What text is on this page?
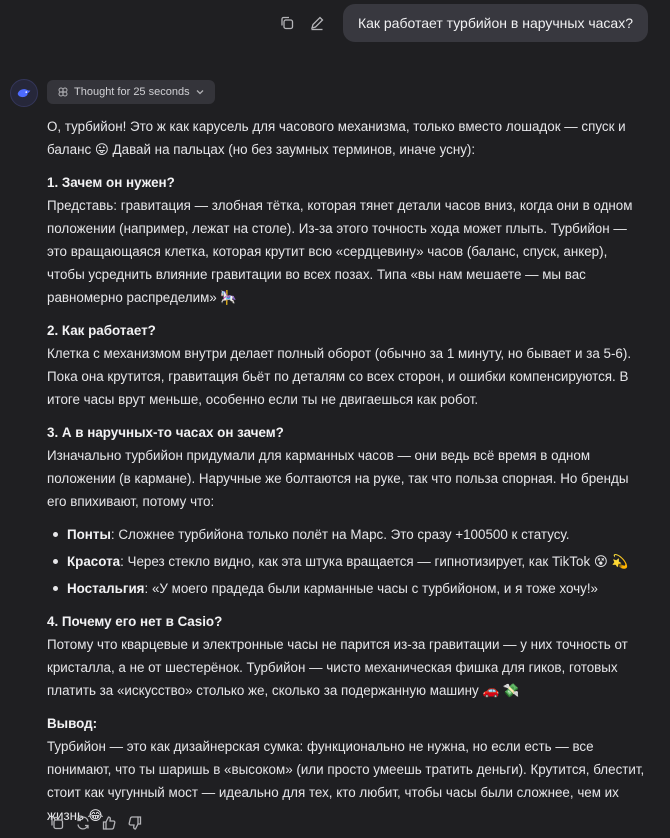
Как работает турбийон в наручных часах?
Thought for 25 seconds

О, турбийон! Это ж как карусель для часового механизма, только вместо лошадок — спуск и баланс 😛 Давай на пальцах (но без заумных терминов, иначе усну):

1. Зачем он нужен?

Представь: гравитация — злобная тётка, которая тянет детали часов вниз, когда они в одном положении (например, лежат на столе). Из-за этого точность хода может плыть. Турбийон — это вращающаяся клетка, которая крутит всю «сердцевину» часов (баланс, спуск, анкер), чтобы усреднить влияние гравитации во всех позах. Типа «вы нам мешаете — мы вас равномерно распределим» 🎠

2. Как работает?

Клетка с механизмом внутри делает полный оборот (обычно за 1 минуту, но бывает и за 5-6). Пока она крутится, гравитация бьёт по деталям со всех сторон, и ошибки компенсируются. В итоге часы врут меньше, особенно если ты не двигаешься как робот.

3. А в наручных-то часах он зачем?

Изначально турбийон придумали для карманных часов — они ведь всё время в одном положении (в кармане). Наручные же болтаются на руке, так что польза спорная. Но бренды его впихивают, потому что:

Понты: Сложнее турбийона только полёт на Марс. Это сразу +100500 к статусу.
Красота: Через стекло видно, как эта штука вращается — гипнотизирует, как TikTok 😵 💫
Ностальгия: «У моего прадеда были карманные часы с турбийоном, и я тоже хочу!»
4. Почему его нет в Casio?

Потому что кварцевые и электронные часы не парится из-за гравитации — у них точность от кристалла, а не от шестерёнок. Турбийон — чисто механическая фишка для гиков, готовых платить за «искусство» столько же, сколько за подержанную машину 🚗 💸

Вывод:

Турбийон — это как дизайнерская сумка: функционально не нужна, но если есть — все понимают, что ты шаришь в «высоком» (или просто умеешь тратить деньги). Крутится, блестит, стоит как чугунный мост — идеально для тех, кто любит, чтобы часы были сложнее, чем их жизнь 😂
